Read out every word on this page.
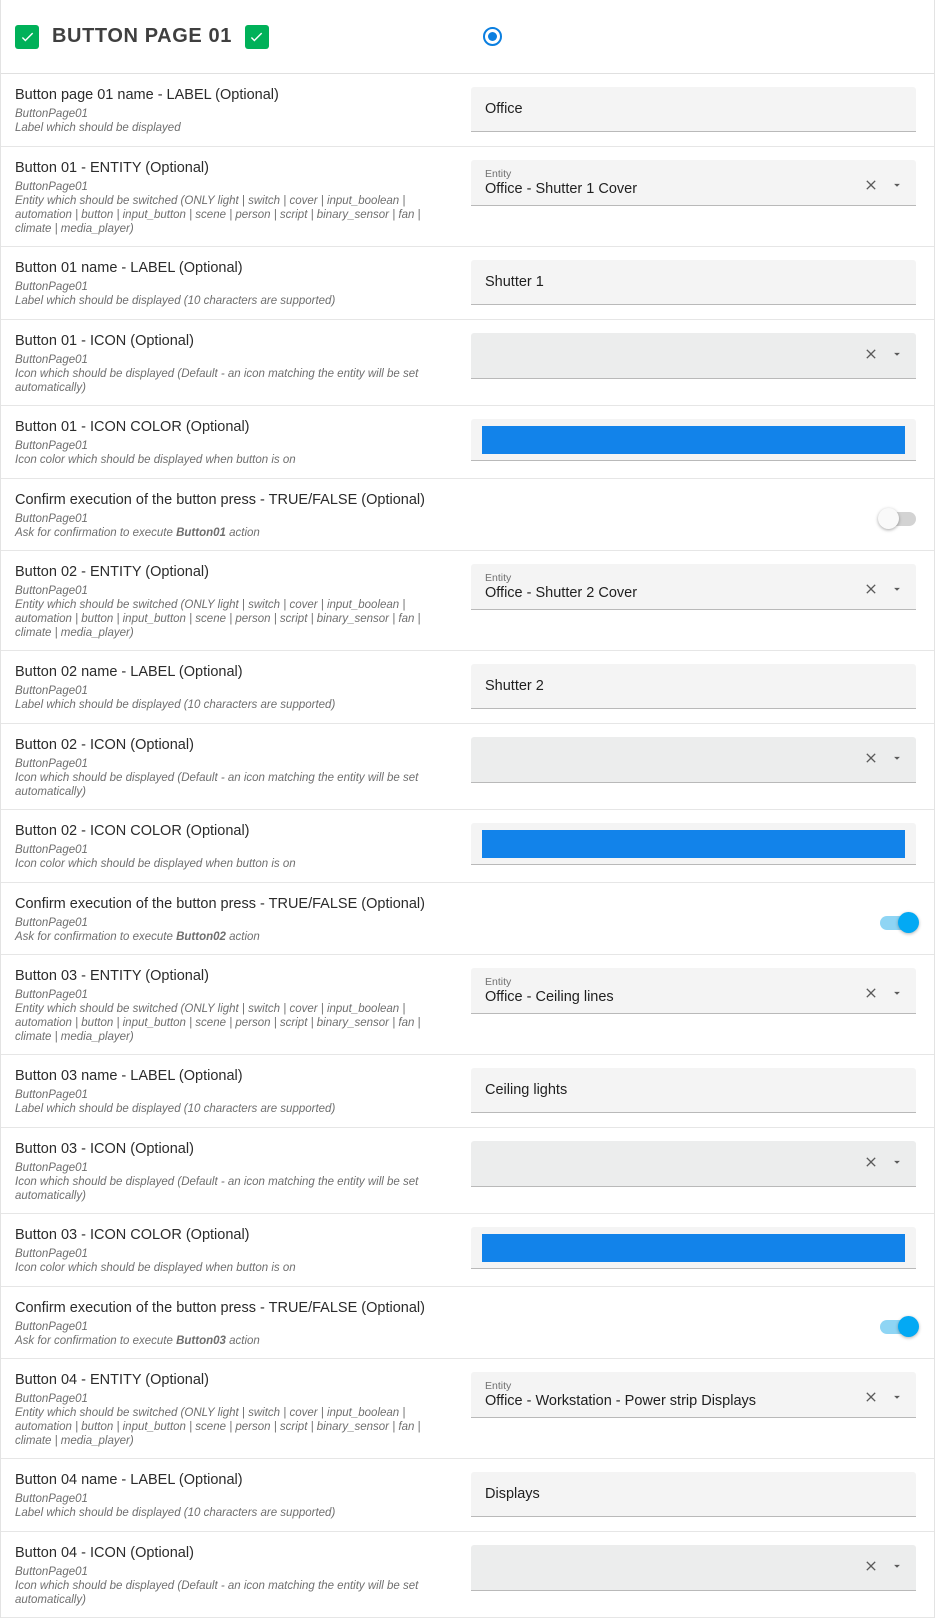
BUTTON PAGE 01
Button page 01 name - LABEL (Optional)
ButtonPage01
Label which should be displayed
Office
Button 01 - ENTITY (Optional)
ButtonPage01
Entity which should be switched (ONLY light | switch | cover | input_boolean | automation | button | input_button | scene | person | script | binary_sensor | fan | climate | media_player)
Entity
Office - Shutter 1 Cover
Button 01 name - LABEL (Optional)
ButtonPage01
Label which should be displayed (10 characters are supported)
Shutter 1
Button 01 - ICON (Optional)
ButtonPage01
Icon which should be displayed (Default - an icon matching the entity will be set automatically)
Button 01 - ICON COLOR (Optional)
ButtonPage01
Icon color which should be displayed when button is on
Confirm execution of the button press - TRUE/FALSE (Optional)
ButtonPage01
Ask for confirmation to execute Button01 action
Button 02 - ENTITY (Optional)
ButtonPage01
Entity which should be switched (ONLY light | switch | cover | input_boolean | automation | button | input_button | scene | person | script | binary_sensor | fan | climate | media_player)
Entity
Office - Shutter 2 Cover
Button 02 name - LABEL (Optional)
ButtonPage01
Label which should be displayed (10 characters are supported)
Shutter 2
Button 02 - ICON (Optional)
ButtonPage01
Icon which should be displayed (Default - an icon matching the entity will be set automatically)
Button 02 - ICON COLOR (Optional)
ButtonPage01
Icon color which should be displayed when button is on
Confirm execution of the button press - TRUE/FALSE (Optional)
ButtonPage01
Ask for confirmation to execute Button02 action
Button 03 - ENTITY (Optional)
ButtonPage01
Entity which should be switched (ONLY light | switch | cover | input_boolean | automation | button | input_button | scene | person | script | binary_sensor | fan | climate | media_player)
Entity
Office - Ceiling lines
Button 03 name - LABEL (Optional)
ButtonPage01
Label which should be displayed (10 characters are supported)
Ceiling lights
Button 03 - ICON (Optional)
ButtonPage01
Icon which should be displayed (Default - an icon matching the entity will be set automatically)
Button 03 - ICON COLOR (Optional)
ButtonPage01
Icon color which should be displayed when button is on
Confirm execution of the button press - TRUE/FALSE (Optional)
ButtonPage01
Ask for confirmation to execute Button03 action
Button 04 - ENTITY (Optional)
ButtonPage01
Entity which should be switched (ONLY light | switch | cover | input_boolean | automation | button | input_button | scene | person | script | binary_sensor | fan | climate | media_player)
Entity
Office - Workstation - Power strip Displays
Button 04 name - LABEL (Optional)
ButtonPage01
Label which should be displayed (10 characters are supported)
Displays
Button 04 - ICON (Optional)
ButtonPage01
Icon which should be displayed (Default - an icon matching the entity will be set automatically)
